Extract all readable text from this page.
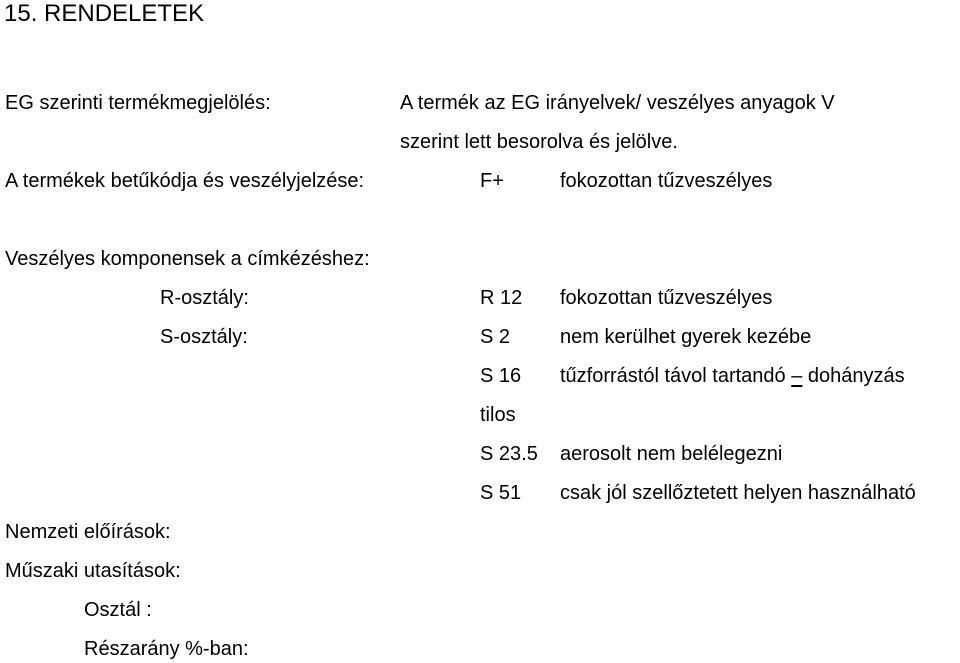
15. RENDELETEK
EG szerinti termékmegjelölés:	A termék az EG irányelvek/ veszélyes anyagok V
szerint lett besorolva és jelölve.
A termékek betűkódja és veszélyjelzése:	F+	fokozottan tűzveszélyes
Veszélyes komponensek a címkézéshez:
R-osztály:	R 12 fokozottan tűzveszélyes
S-osztály:	S 2 nem kerülhet gyerek kezébe
S 16 tűzforrástól távol tartandó – dohányzás
tilos
S 23.5 aerosolt nem belélegezni
S 51 csak jól szellőztetett helyen használható
Nemzeti előírások:
Műszaki utasítások:
Osztál :
Részarány %-ban:
